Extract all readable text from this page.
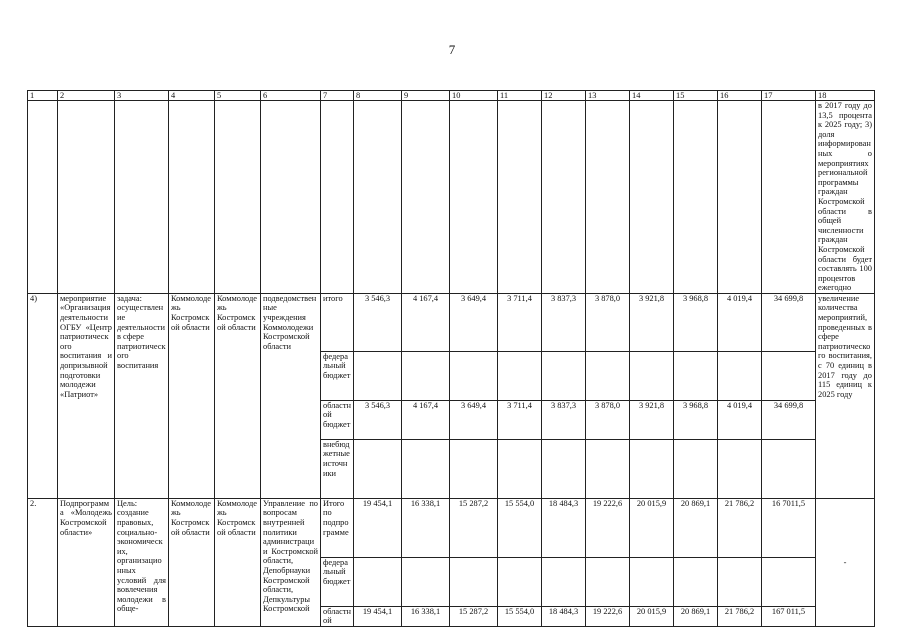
7
1	2	3	4	5	6	7	8	9	10	11	12	13	14	15	16	17	18
																	в 2017 году до 13,5 процента к 2025 году; 3) доля информированных о мероприятиях региональной программы граждан Костромской области в общей численности граждан Костромской области будет составлять 100 процентов ежегодно
4)	мероприятие «Организация деятельности ОГБУ «Центр патриотического воспитания и допризывной подготовки молодежи «Патриот»	задача: осуществление деятельности в сфере патриотического воспитания	Коммолодежь Костромской области	Коммолодежь Костромской области	подведомственные учреждения Коммолодежи Костромской области	итого	3 546,3	4 167,4	3 649,4	3 711,4	3 837,3	3 878,0	3 921,8	3 968,8	4 019,4	34 699,8	увеличение количества мероприятий, проведенных в сфере патриотического воспитания, с 70 единиц в 2017 году до 115 единиц к 2025 году
						федеральный бюджет											
						областной бюджет	3 546,3	4 167,4	3 649,4	3 711,4	3 837,3	3 878,0	3 921,8	3 968,8	4 019,4	34 699,8	
						внебюджетные источники											
2.	Подпрограмма «Молодежь Костромской области»	Цель: создание правовых, социально-экономических, организационных условий для вовлечения молодежи в обще-	Коммолодежь Костромской области	Коммолодежь Костромской области	Управление по вопросам внутренней политики администрации Костромской области, Депобрнауки Костромской области, Депкультуры Костромской	Итого по подпрограмме	19 454,1	16 338,1	15 287,2	15 554,0	18 484,3	19 222,6	20 015,9	20 869,1	21 786,2	16 7011,5	-
						федеральный бюджет											
						областной	19 454,1	16 338,1	15 287,2	15 554,0	18 484,3	19 222,6	20 015,9	20 869,1	21 786,2	167 011,5	
